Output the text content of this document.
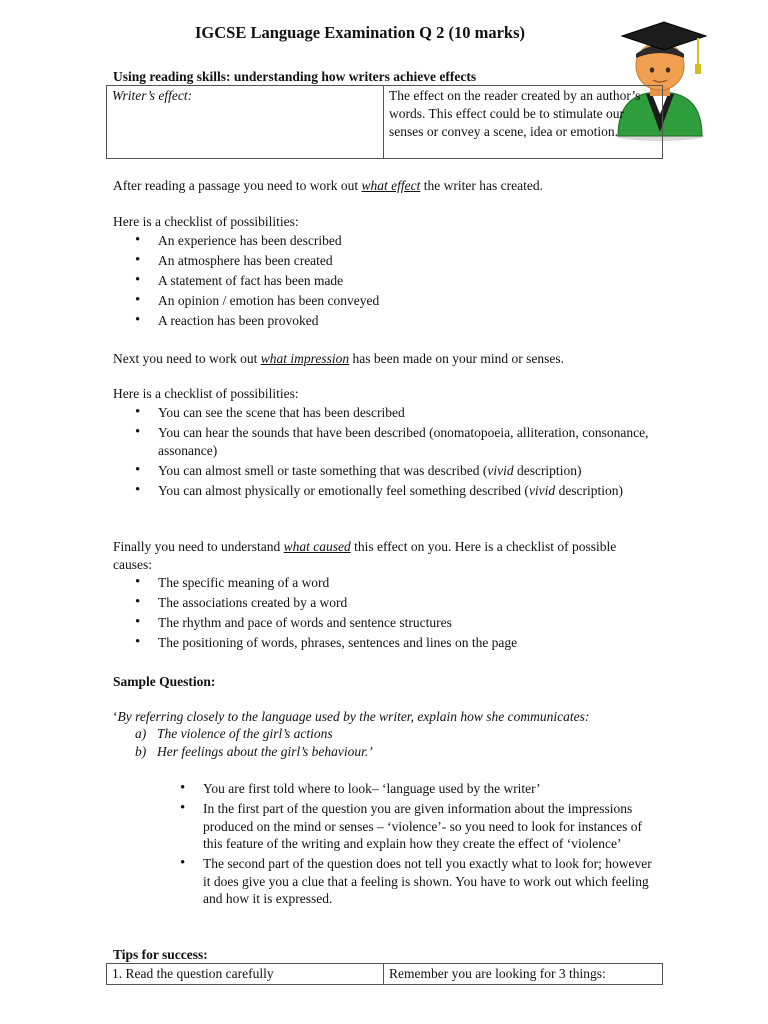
IGCSE Language Examination Q 2 (10 marks)
Using reading skills: understanding how writers achieve effects
Writer’s effect:	The effect on the reader created by an author’s words. This effect could be to stimulate our senses or convey a scene, idea or emotion.
After reading a passage you need to work out what effect the writer has created.
Here is a checklist of possibilities:
• An experience has been described
• An atmosphere has been created
• A statement of fact has been made
• An opinion / emotion has been conveyed
• A reaction has been provoked
Next you need to work out what impression has been made on your mind or senses.
Here is a checklist of possibilities:
• You can see the scene that has been described
• You can hear the sounds that have been described (onomatopoeia, alliteration, consonance, assonance)
• You can almost smell or taste something that was described (vivid description)
• You can almost physically or emotionally feel something described (vivid description)
Finally you need to understand what caused this effect on you. Here is a checklist of possible causes:
• The specific meaning of a word
• The associations created by a word
• The rhythm and pace of words and sentence structures
• The positioning of words, phrases, sentences and lines on the page
Sample Question:
‘By referring closely to the language used by the writer, explain how she communicates:
a) The violence of the girl’s actions
b) Her feelings about the girl’s behaviour.’
• You are first told where to look– ‘language used by the writer’
• In the first part of the question you are given information about the impressions produced on the mind or senses – ‘violence’- so you need to look for instances of this feature of the writing and explain how they create the effect of ‘violence’
• The second part of the question does not tell you exactly what to look for; however it does give you a clue that a feeling is shown. You have to work out which feeling and how it is expressed.
Tips for success:
1. Read the question carefully	Remember you are looking for 3 things:
